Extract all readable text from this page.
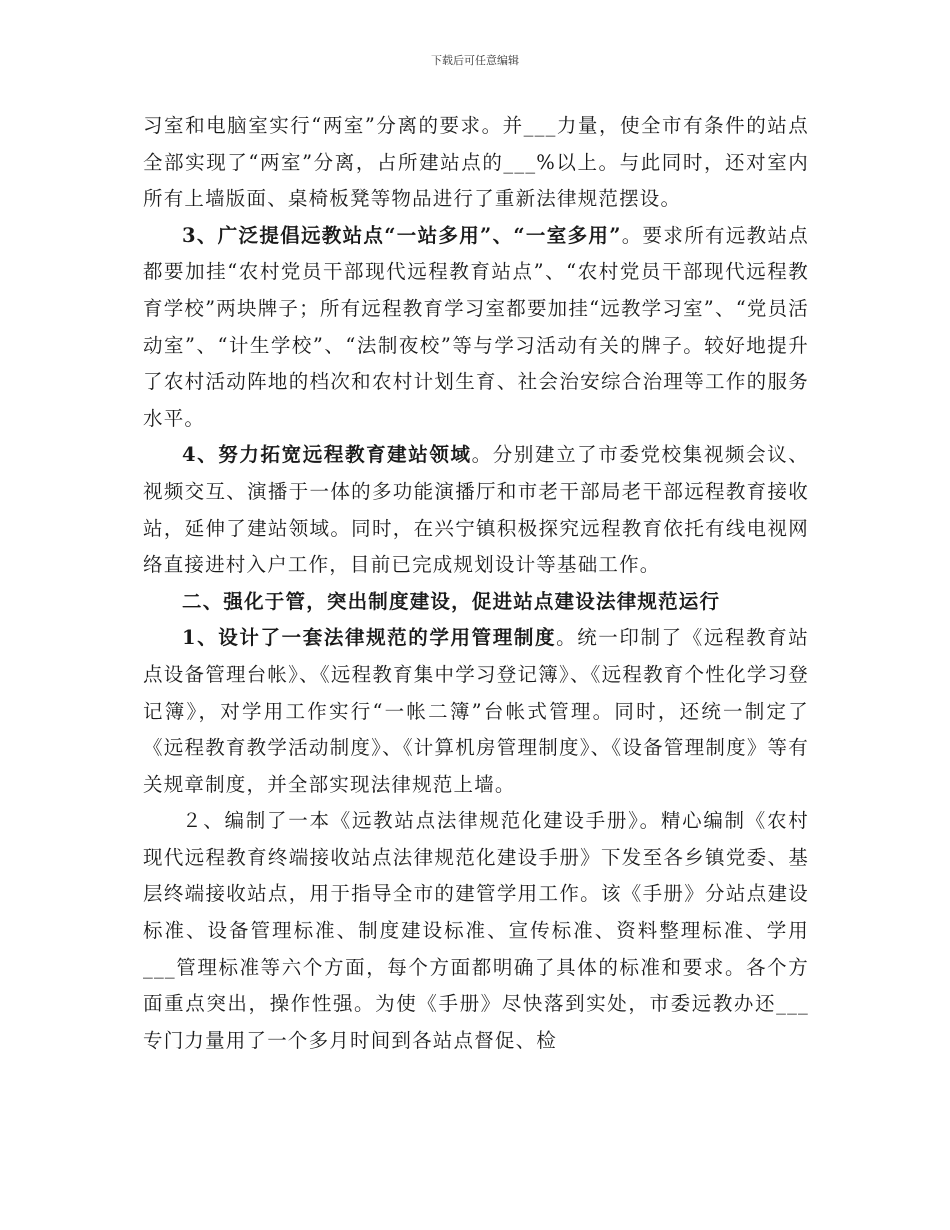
下载后可任意编辑

习室和电脑室实行“两室”分离的要求。并___力量，使全市有条件的站点全部实现了“两室”分离，占所建站点的___%以上。与此同时，还对室内所有上墙版面、桌椅板凳等物品进行了重新法律规范摆设。

3、广泛提倡远教站点“一站多用”、“一室多用”。要求所有远教站点都要加挂“农村党员干部现代远程教育站点”、“农村党员干部现代远程教育学校”两块牌子；所有远程教育学习室都要加挂“远教学习室”、“党员活动室”、“计生学校”、“法制夜校”等与学习活动有关的牌子。较好地提升了农村活动阵地的档次和农村计划生育、社会治安综合治理等工作的服务水平。

4、努力拓宽远程教育建站领域。分别建立了市委党校集视频会议、视频交互、演播于一体的多功能演播厅和市老干部局老干部远程教育接收站，延伸了建站领域。同时，在兴宁镇积极探究远程教育依托有线电视网络直接进村入户工作，目前已完成规划设计等基础工作。

二、强化于管，突出制度建设，促进站点建设法律规范运行

1、设计了一套法律规范的学用管理制度。统一印制了《远程教育站点设备管理台帐》、《远程教育集中学习登记簿》、《远程教育个性化学习登记簿》，对学用工作实行“一帐二簿”台帐式管理。同时，还统一制定了《远程教育教学活动制度》、《计算机房管理制度》、《设备管理制度》等有关规章制度，并全部实现法律规范上墙。

２、编制了一本《远教站点法律规范化建设手册》。精心编制《农村现代远程教育终端接收站点法律规范化建设手册》下发至各乡镇党委、基层终端接收站点，用于指导全市的建管学用工作。该《手册》分站点建设标准、设备管理标准、制度建设标准、宣传标准、资料整理标准、学用___管理标准等六个方面，每个方面都明确了具体的标准和要求。各个方面重点突出，操作性强。为使《手册》尽快落到实处，市委远教办还___专门力量用了一个多月时间到各站点督促、检
